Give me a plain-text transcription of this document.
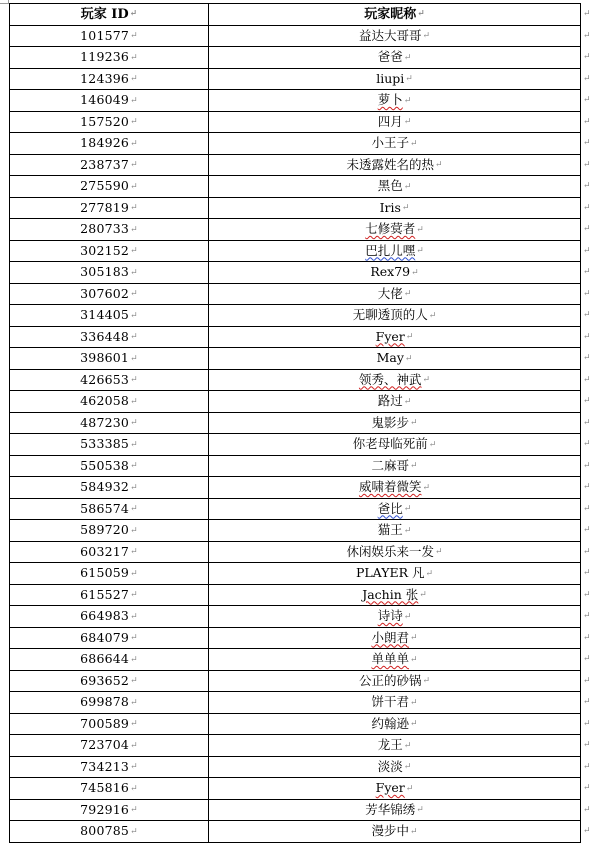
玩家 ID↵	玩家昵称↵
101577↵	益达大哥哥↵
119236↵	爸爸↵
124396↵	liupi↵
146049↵	萝卜↵
157520↵	四月↵
184926↵	小王子↵
238737↵	未透露姓名的热↵
275590↵	黑色↵
277819↵	Iris↵
280733↵	七修蓂者↵
302152↵	巴扎儿嘿↵
305183↵	Rex79↵
307602↵	大佬↵
314405↵	无聊透顶的人↵
336448↵	Fyer↵
398601↵	May↵
426653↵	领秀、神武↵
462058↵	路过↵
487230↵	鬼影步↵
533385↵	你老母临死前↵
550538↵	二麻哥↵
584932↵	威啸着微笑↵
586574↵	爸比↵
589720↵	猫王↵
603217↵	休闲娱乐来一发↵
615059↵	PLAYER 凡↵
615527↵	Jachin 张↵
664983↵	诗诗↵
684079↵	小朗君↵
686644↵	单单单↵
693652↵	公正的砂锅↵
699878↵	饼干君↵
700589↵	约翰逊↵
723704↵	龙王↵
734213↵	淡淡↵
745816↵	Fyer↵
792916↵	芳华锦绣↵
800785↵	漫步中↵
↵
↵
↵
↵
↵
↵
↵
↵
↵
↵
↵
↵
↵
↵
↵
↵
↵
↵
↵
↵
↵
↵
↵
↵
↵
↵
↵
↵
↵
↵
↵
↵
↵
↵
↵
↵
↵
↵
↵
